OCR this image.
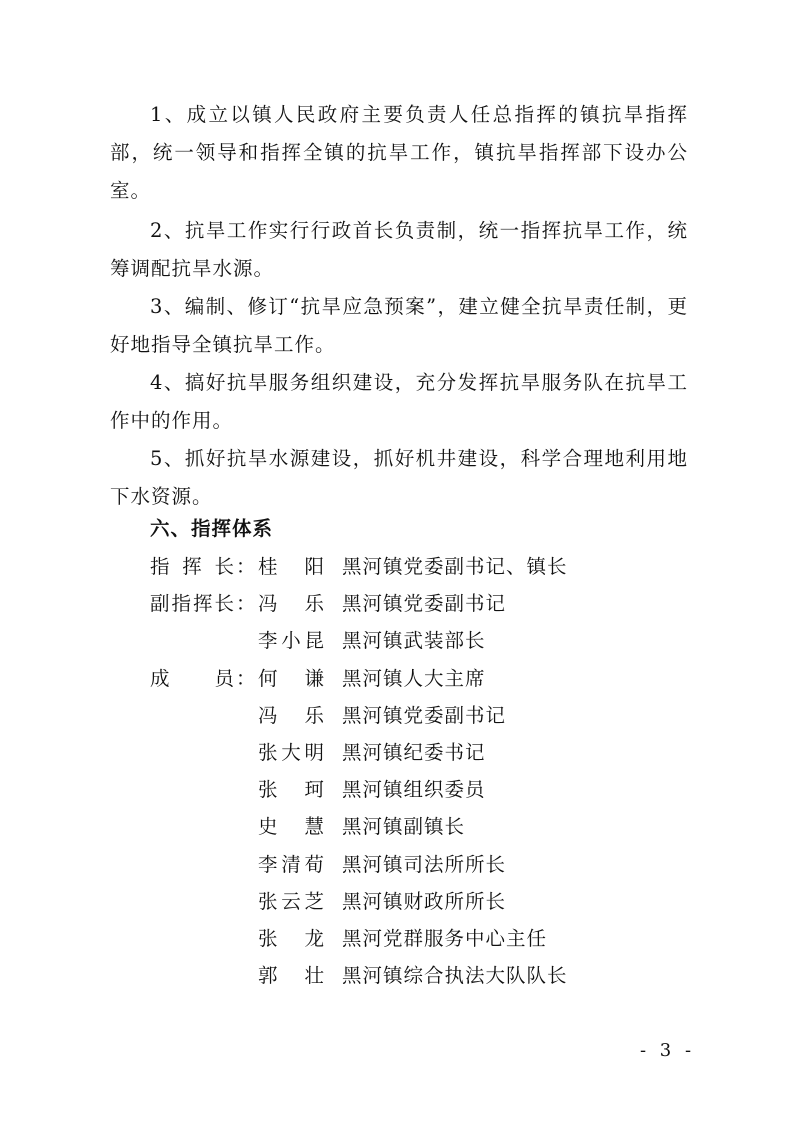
1、成立以镇人民政府主要负责人任总指挥的镇抗旱指挥部，统一领导和指挥全镇的抗旱工作，镇抗旱指挥部下设办公室。

2、抗旱工作实行行政首长负责制，统一指挥抗旱工作，统筹调配抗旱水源。

3、编制、修订“抗旱应急预案”，建立健全抗旱责任制，更好地指导全镇抗旱工作。

4、搞好抗旱服务组织建设，充分发挥抗旱服务队在抗旱工作中的作用。

5、抓好抗旱水源建设，抓好机井建设，科学合理地利用地下水资源。

六、指挥体系

指 挥 长 ： 桂 阳 黑河镇党委副书记、镇长
副 指 挥 长 ： 冯 乐 黑河镇党委副书记
李 小 昆 黑河镇武装部长
成 员 ： 何 谦 黑河镇人大主席
冯 乐 黑河镇党委副书记
张 大 明 黑河镇纪委书记
张 珂 黑河镇组织委员
史 慧 黑河镇副镇长
李 清 荀 黑河镇司法所所长
张 云 芝 黑河镇财政所所长
张 龙 黑河党群服务中心主任
郭 壮 黑河镇综合执法大队队长
- 3 -
